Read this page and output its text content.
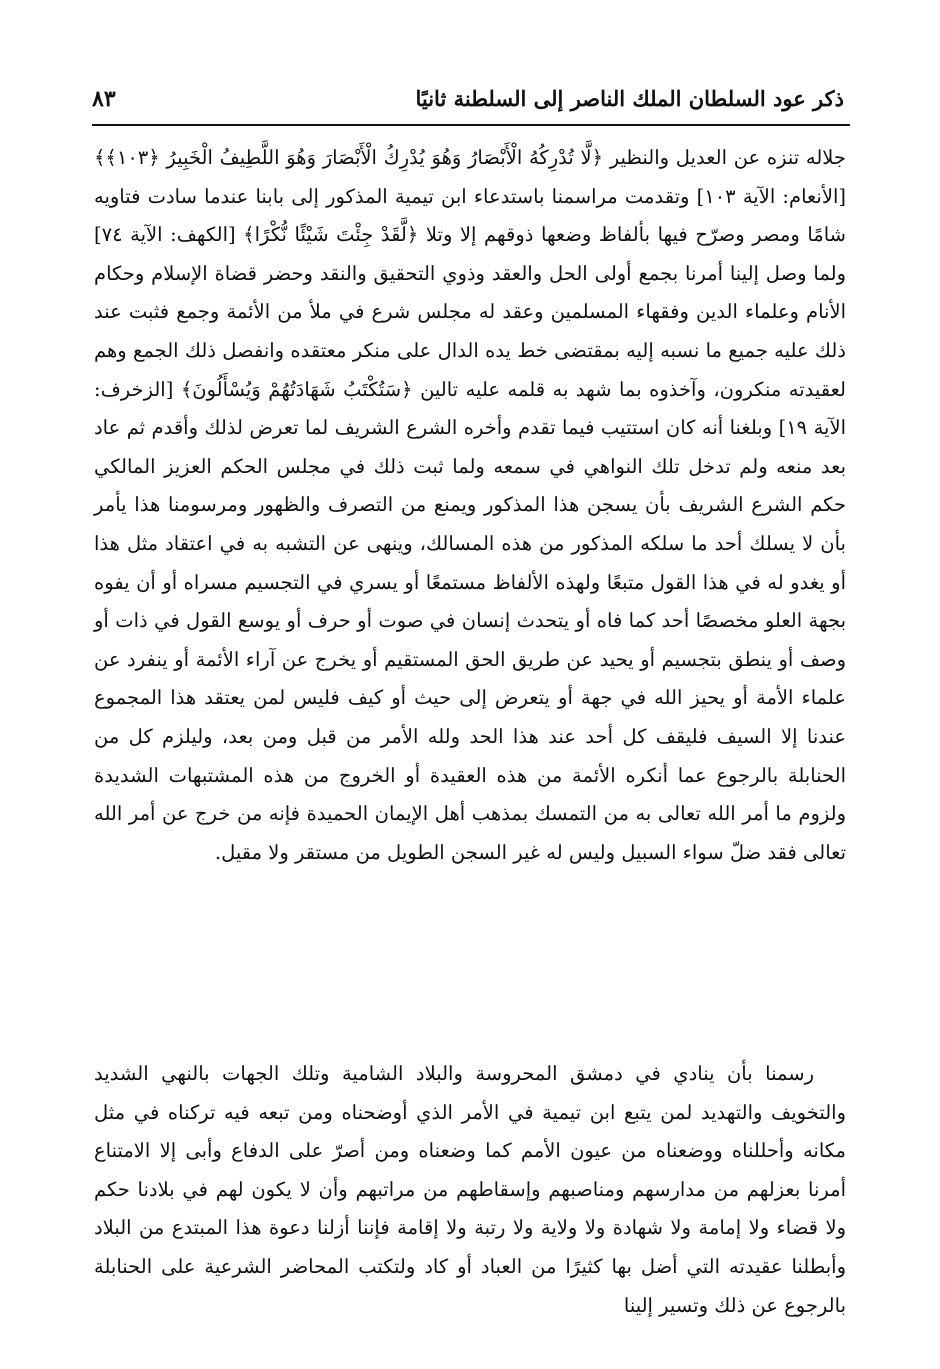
ذكر عود السلطان الملك الناصر إلى السلطنة ثانيًا
٨٣
جلاله تنزه عن العديل والنظير ﴿لَّا تُدْرِكُهُ الْأَبْصَارُ وَهُوَ يُدْرِكُ الْأَبْصَارَ وَهُوَ اللَّطِيفُ الْخَبِيرُ ﴿١٠٣﴾﴾ [الأنعام: الآية ١٠٣] وتقدمت مراسمنا باستدعاء ابن تيمية المذكور إلى بابنا عندما سادت فتاويه شامًا ومصر وصرّح فيها بألفاظ وضعها ذوقهم إلا وتلا ﴿لَّقَدْ جِئْتَ شَيْئًا نُّكْرًا﴾ [الكهف: الآية ٧٤] ولما وصل إلينا أمرنا بجمع أولى الحل والعقد وذوي التحقيق والنقد وحضر قضاة الإسلام وحكام الأنام وعلماء الدين وفقهاء المسلمين وعقد له مجلس شرع في ملأ من الأئمة وجمع فثبت عند ذلك عليه جميع ما نسبه إليه بمقتضى خط يده الدال على منكر معتقده وانفصل ذلك الجمع وهم لعقيدته منكرون، وآخذوه بما شهد به قلمه عليه تالين ﴿سَتُكْتَبُ شَهَادَتُهُمْ وَيُسْأَلُونَ﴾ [الزخرف: الآية ١٩] وبلغنا أنه كان استتيب فيما تقدم وأخره الشرع الشريف لما تعرض لذلك وأقدم ثم عاد بعد منعه ولم تدخل تلك النواهي في سمعه ولما ثبت ذلك في مجلس الحكم العزيز المالكي حكم الشرع الشريف بأن يسجن هذا المذكور ويمنع من التصرف والظهور ومرسومنا هذا يأمر بأن لا يسلك أحد ما سلكه المذكور من هذه المسالك، وينهى عن التشبه به في اعتقاد مثل هذا أو يغدو له في هذا القول متبعًا ولهذه الألفاظ مستمعًا أو يسري في التجسيم مسراه أو أن يفوه بجهة العلو مخصصًا أحد كما فاه أو يتحدث إنسان في صوت أو حرف أو يوسع القول في ذات أو وصف أو ينطق بتجسيم أو يحيد عن طريق الحق المستقيم أو يخرج عن آراء الأئمة أو ينفرد عن علماء الأمة أو يحيز الله في جهة أو يتعرض إلى حيث أو كيف فليس لمن يعتقد هذا المجموع عندنا إلا السيف فليقف كل أحد عند هذا الحد ولله الأمر من قبل ومن بعد، وليلزم كل من الحنابلة بالرجوع عما أنكره الأئمة من هذه العقيدة أو الخروج من هذه المشتبهات الشديدة ولزوم ما أمر الله تعالى به من التمسك بمذهب أهل الإيمان الحميدة فإنه من خرج عن أمر الله تعالى فقد ضلّ سواء السبيل وليس له غير السجن الطويل من مستقر ولا مقيل.
رسمنا بأن ينادي في دمشق المحروسة والبلاد الشامية وتلك الجهات بالنهي الشديد والتخويف والتهديد لمن يتبع ابن تيمية في الأمر الذي أوضحناه ومن تبعه فيه تركناه في مثل مكانه وأحللناه ووضعناه من عيون الأمم كما وضعناه ومن أصرّ على الدفاع وأبى إلا الامتناع أمرنا بعزلهم من مدارسهم ومناصبهم وإسقاطهم من مراتبهم وأن لا يكون لهم في بلادنا حكم ولا قضاء ولا إمامة ولا شهادة ولا ولاية ولا رتبة ولا إقامة فإننا أزلنا دعوة هذا المبتدع من البلاد وأبطلنا عقيدته التي أضل بها كثيرًا من العباد أو كاد ولتكتب المحاضر الشرعية على الحنابلة بالرجوع عن ذلك وتسير إلينا
